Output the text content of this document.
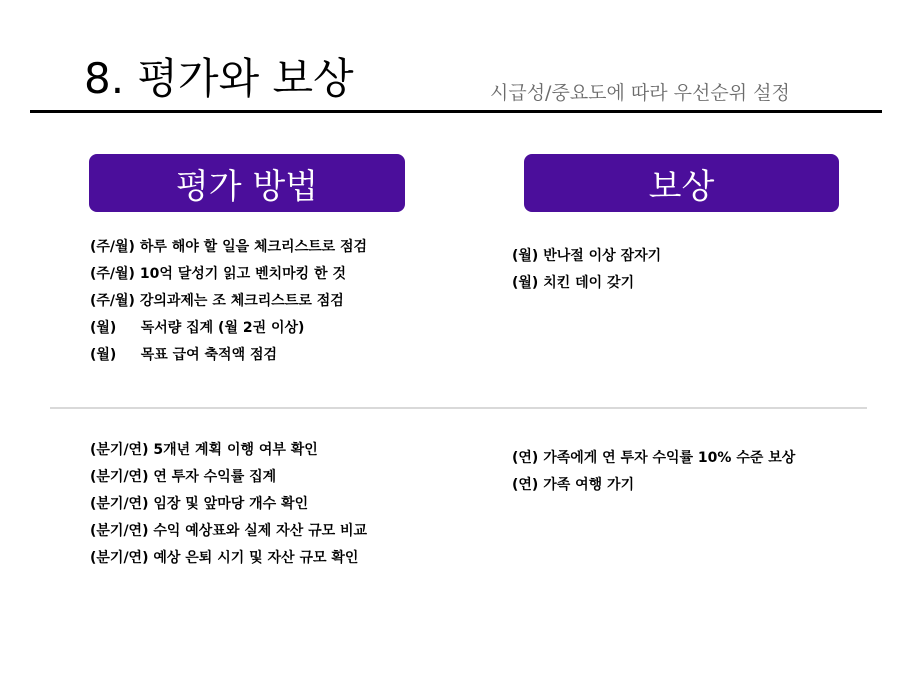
8. 평가와 보상	시급성/중요도에 따라 우선순위 설정
평가 방법	보상
(주/월) 하루 해야 할 일을 체크리스트로 점검
(주/월) 10억 달성기 읽고 벤치마킹 한 것
(주/월) 강의과제는 조 체크리스트로 점검
(월)     독서량 집계 (월 2권 이상)
(월)     목표 급여 축적액 점검
(월) 반나절 이상 잠자기
(월) 치킨 데이 갖기
(분기/연) 5개년 계획 이행 여부 확인
(분기/연) 연 투자 수익률 집계
(분기/연) 임장 및 앞마당 개수 확인
(분기/연) 수익 예상표와 실제 자산 규모 비교
(분기/연) 예상 은퇴 시기 및 자산 규모 확인
(연) 가족에게 연 투자 수익률 10% 수준 보상
(연) 가족 여행 가기
